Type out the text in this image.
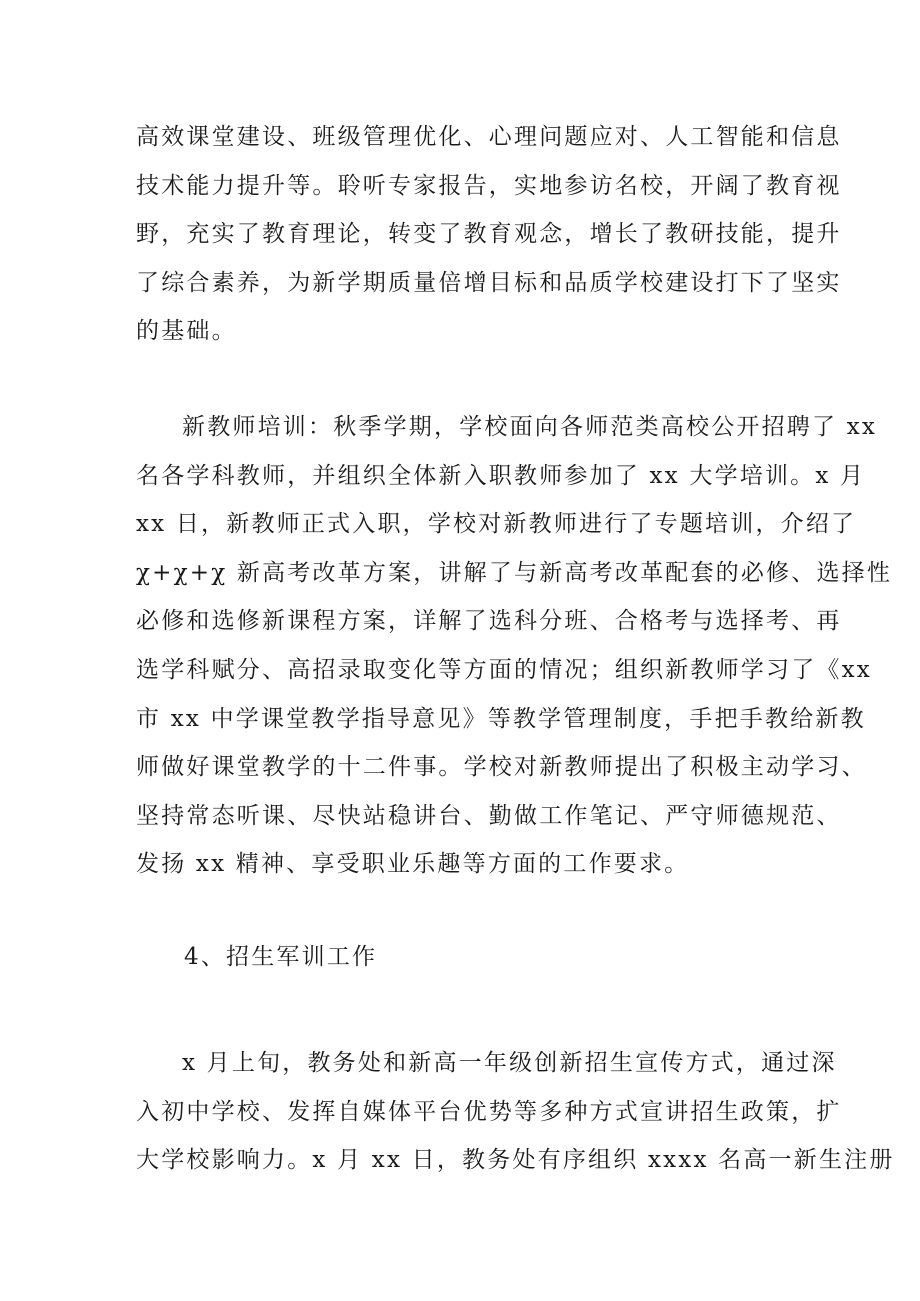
高效课堂建设、班级管理优化、心理问题应对、人工智能和信息
技术能力提升等。聆听专家报告，实地参访名校，开阔了教育视
野，充实了教育理论，转变了教育观念，增长了教研技能，提升
了综合素养，为新学期质量倍增目标和品质学校建设打下了坚实
的基础。

新教师培训：秋季学期，学校面向各师范类高校公开招聘了 xx
名各学科教师，并组织全体新入职教师参加了 xx 大学培训。x 月
xx 日，新教师正式入职，学校对新教师进行了专题培训，介绍了
χ+χ+χ 新高考改革方案，讲解了与新高考改革配套的必修、选择性
必修和选修新课程方案，详解了选科分班、合格考与选择考、再
选学科赋分、高招录取变化等方面的情况；组织新教师学习了《xx
市 xx 中学课堂教学指导意见》等教学管理制度，手把手教给新教
师做好课堂教学的十二件事。学校对新教师提出了积极主动学习、
坚持常态听课、尽快站稳讲台、勤做工作笔记、严守师德规范、
发扬 xx 精神、享受职业乐趣等方面的工作要求。

4、招生军训工作

x 月上旬，教务处和新高一年级创新招生宣传方式，通过深
入初中学校、发挥自媒体平台优势等多种方式宣讲招生政策，扩
大学校影响力。x 月 xx 日，教务处有序组织 xxxx 名高一新生注册
